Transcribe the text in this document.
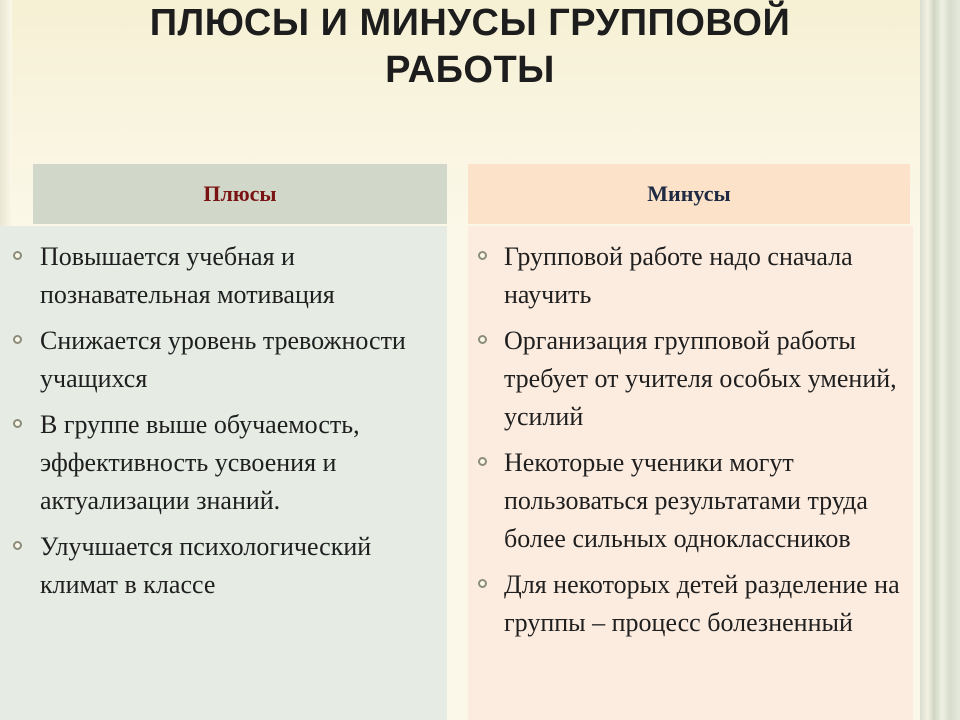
ПЛЮСЫ И МИНУСЫ ГРУППОВОЙ
РАБОТЫ
Плюсы	Минусы
Повышается учебная и познавательная мотивация
Снижается уровень тревожности учащихся
В группе выше обучаемость, эффективность усвоения и актуализации знаний.
Улучшается психологический климат в классе
Групповой работе надо сначала научить
Организация групповой работы требует от учителя особых умений, усилий
Некоторые ученики могут пользоваться результатами труда более сильных одноклассников
Для некоторых детей разделение на группы – процесс болезненный
